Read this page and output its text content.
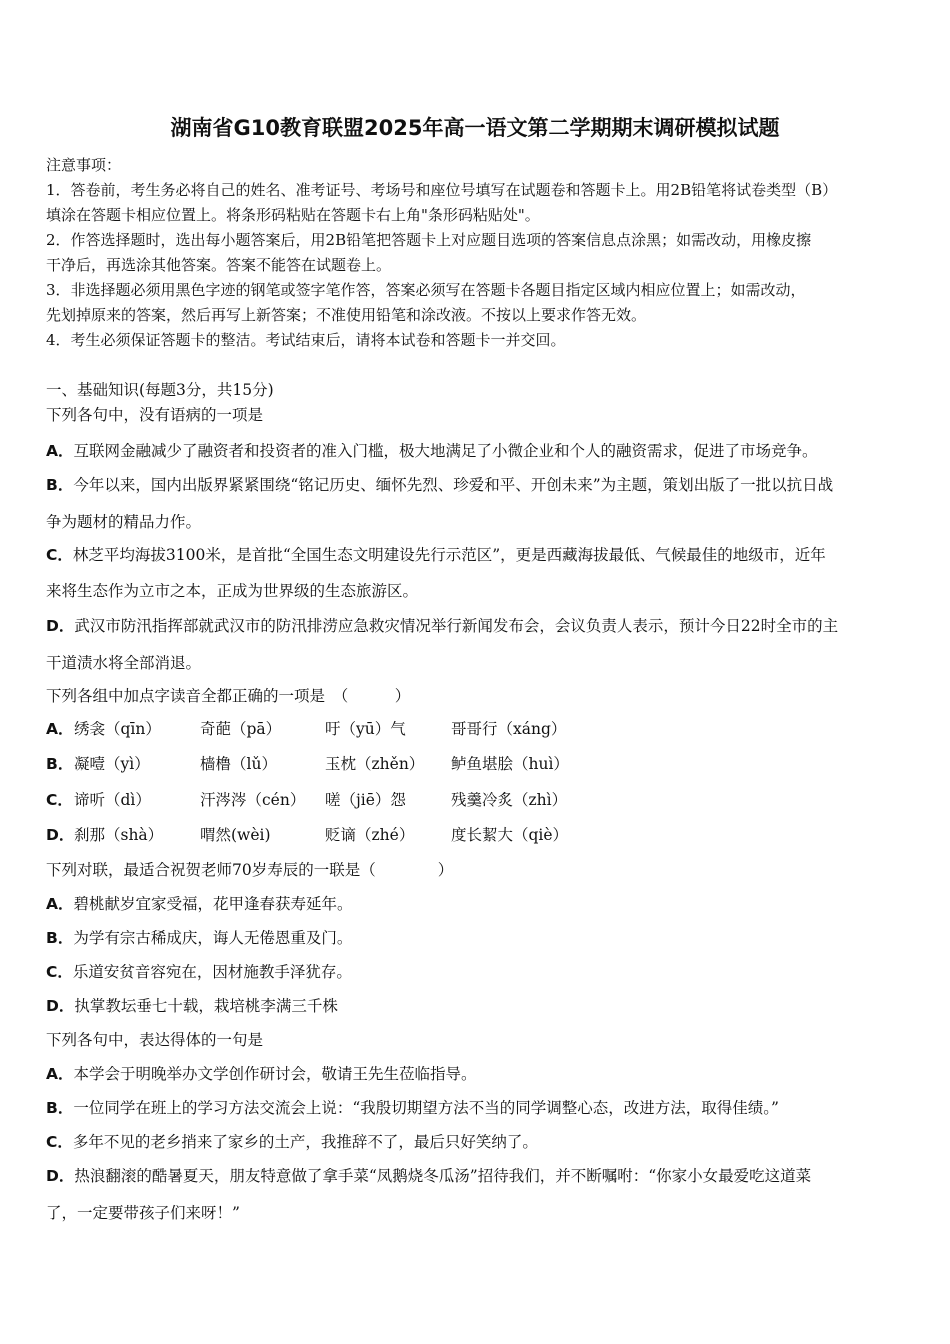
湖南省G10教育联盟2025年高一语文第二学期期末调研模拟试题
注意事项：
1．答卷前，考生务必将自己的姓名、准考证号、考场号和座位号填写在试题卷和答题卡上。用2B铅笔将试卷类型（B）
填涂在答题卡相应位置上。将条形码粘贴在答题卡右上角"条形码粘贴处"。
2．作答选择题时，选出每小题答案后，用2B铅笔把答题卡上对应题目选项的答案信息点涂黑；如需改动，用橡皮擦
干净后，再选涂其他答案。答案不能答在试题卷上。
3．非选择题必须用黑色字迹的钢笔或签字笔作答，答案必须写在答题卡各题目指定区域内相应位置上；如需改动，
先划掉原来的答案，然后再写上新答案；不准使用铅笔和涂改液。不按以上要求作答无效。
4．考生必须保证答题卡的整洁。考试结束后，请将本试卷和答题卡一并交回。
一、基础知识(每题3分，共15分)
下列各句中，没有语病的一项是
A．互联网金融减少了融资者和投资者的准入门槛，极大地满足了小微企业和个人的融资需求，促进了市场竞争。
B．今年以来，国内出版界紧紧围绕“铭记历史、缅怀先烈、珍爱和平、开创未来”为主题，策划出版了一批以抗日战
争为题材的精品力作。
C．林芝平均海拔3100米，是首批“全国生态文明建设先行示范区”，更是西藏海拔最低、气候最佳的地级市，近年
来将生态作为立市之本，正成为世界级的生态旅游区。
D．武汉市防汛指挥部就武汉市的防汛排涝应急救灾情况举行新闻发布会，会议负责人表示，预计今日22时全市的主
干道渍水将全部消退。
下列各组中加点字读音全都正确的一项是　（　　　）
A． 绣衾（qīn）	奇葩（pā）	吁（yū）气	哥哥行（xáng）
B． 凝噎（yì）	樯橹（lǔ）	玉枕（zhěn） 鲈鱼堪脍（huì）
C． 谛听（dì）	汗涔涔（cén） 嗟（jiē）怨	残羹冷炙（zhì）
D． 刹那（shà） 喟然(wèi)	贬谪（zhé） 度长絜大（qiè）
下列对联，最适合祝贺老师70岁寿辰的一联是（　　　　）
A．碧桃献岁宜家受福，花甲逢春获寿延年。
B．为学有宗古稀成庆，诲人无倦恩重及门。
C．乐道安贫音容宛在，因材施教手泽犹存。
D．执掌教坛垂七十载，栽培桃李满三千株
下列各句中，表达得体的一句是
A．本学会于明晚举办文学创作研讨会，敬请王先生莅临指导。
B．一位同学在班上的学习方法交流会上说：“我殷切期望方法不当的同学调整心态，改进方法，取得佳绩。”
C．多年不见的老乡捎来了家乡的土产，我推辞不了，最后只好笑纳了。
D．热浪翻滚的酷暑夏天，朋友特意做了拿手菜“凤鹅烧冬瓜汤”招待我们，并不断嘱咐：“你家小女最爱吃这道菜
了，一定要带孩子们来呀！”
